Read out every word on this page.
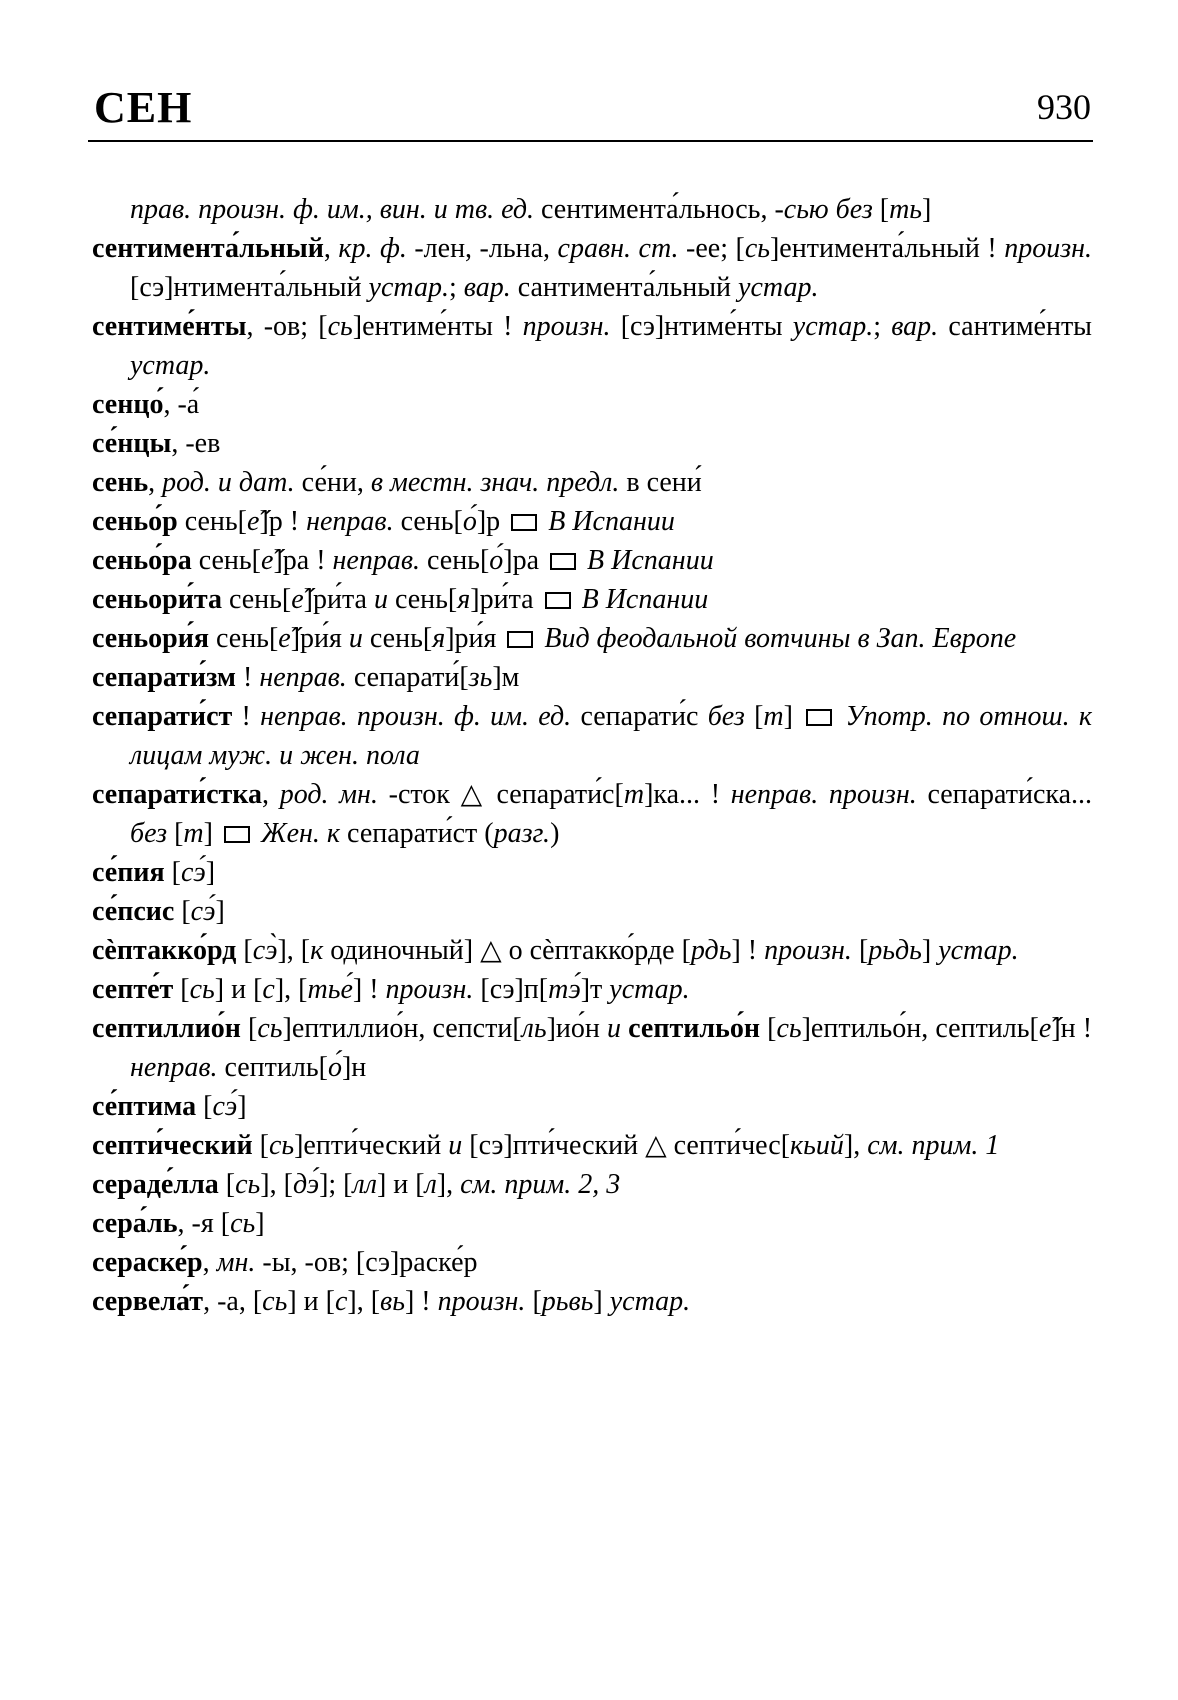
СЕН	930
прав. произн. ф. им., вин. и тв. ед. сентимента́льнось, -сью без [mь]
сентимента́льный, кр. ф. -лен, -льна, сравн. ст. -ее; [сь]ентимента́льный ! произн. [сэ]нтимента́льный устар.; вар. сантимента́льный устар.
сентиме́нты, -ов; [сь]ентиме́нты ! произн. [сэ]нтиме́нты устар.; вар. сантиме́нты устар.
сенцо́, -а́
се́нцы, -ев
сень, род. и дат. се́ни, в местн. знач. предл. в сени́
сеньо́р сень[е̋]р ! неправ. сень[о́]р  В Испании
сеньо́ра сень[е̋]ра ! неправ. сень[о́]ра  В Испании
сеньори́та сень[е̋]ри́та и сень[я]ри́та  В Испании
сеньори́я сень[е̋]ри́я и сень[я]ри́я  Вид феодальной вотчины в Зап. Европе
сепарати́зм ! неправ. сепарати́[зь]м
сепарати́ст ! неправ. произн. ф. им. ед. сепарати́с без [т]  Употр. по отнош. к лицам муж. и жен. пола
сепарати́стка, род. мн. -сток △ сепарати́с[т]ка... ! неправ. произн. сепарати́ска... без [т]  Жен. к сепарати́ст (разг.)
се́пия [сэ́]
се́псис [сэ́]
сѐптакко́рд [сэ̀], [к одиночный] △ о сѐптакко́рде [рдь] ! произн. [рьдь] устар.
септе́т [сь] и [с], [mье́] ! произн. [сэ]п[mэ́]т устар.
септиллио́н [сь]ептиллио́н, сепсти[ль]ио́н и септильо́н [сь]ептильо́н, септиль[е̋]н ! неправ. септиль[о́]н
се́птима [сэ́]
септи́ческий [сь]епти́ческий и [сэ]пти́ческий △ септи́чес[кьий], см. прим. 1
сераде́лла [сь], [дэ́]; [лл] и [л], см. прим. 2, 3
сера́ль, -я [сь]
сераске́р, мн. -ы, -ов; [сэ]раске́р
сервела́т, -а, [сь] и [с], [вь] ! произн. [рьвь] устар.
